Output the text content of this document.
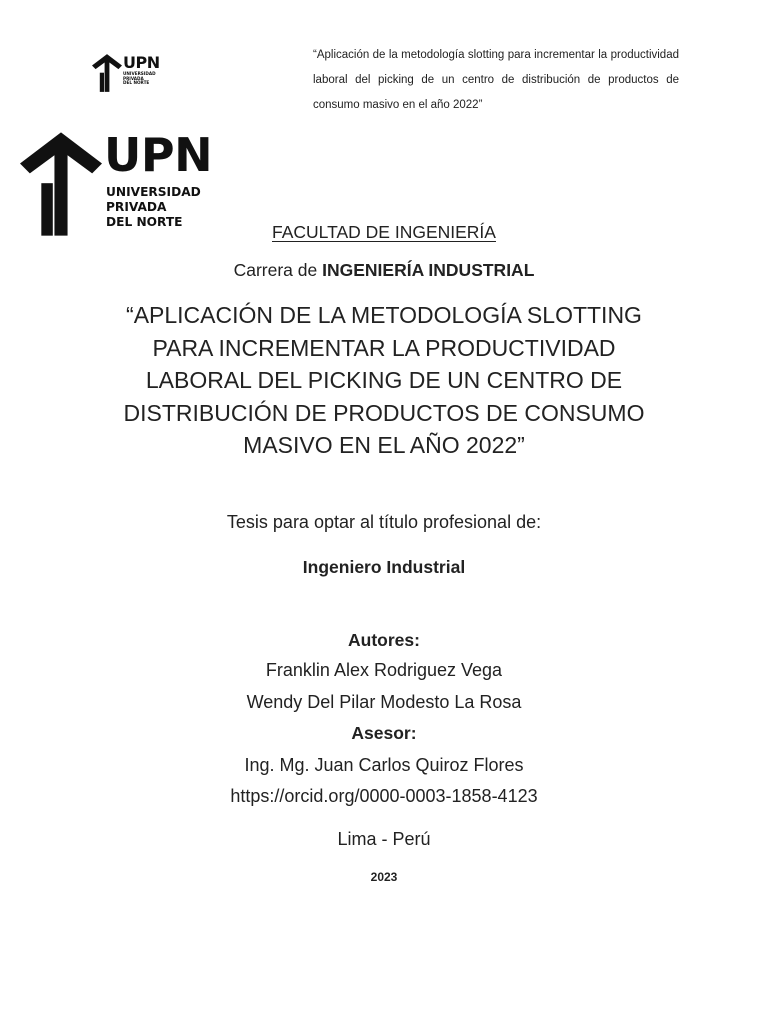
UPN
UNIVERSIDAD
PRIVADA
DEL NORTE
“Aplicación de la metodología slotting para incrementar la productividad laboral del picking de un centro de distribución de productos de consumo masivo en el año 2022”
UPN
UNIVERSIDAD
PRIVADA
DEL NORTE
FACULTAD DE INGENIERÍA
Carrera de INGENIERÍA INDUSTRIAL
“APLICACIÓN DE LA METODOLOGÍA SLOTTING PARA INCREMENTAR LA PRODUCTIVIDAD LABORAL DEL PICKING DE UN CENTRO DE DISTRIBUCIÓN DE PRODUCTOS DE CONSUMO MASIVO EN EL AÑO 2022”
Tesis para optar al título profesional de:
Ingeniero Industrial
Autores:
Franklin Alex Rodriguez Vega
Wendy Del Pilar Modesto La Rosa
Asesor:
Ing. Mg. Juan Carlos Quiroz Flores
https://orcid.org/0000-0003-1858-4123
Lima - Perú
2023
